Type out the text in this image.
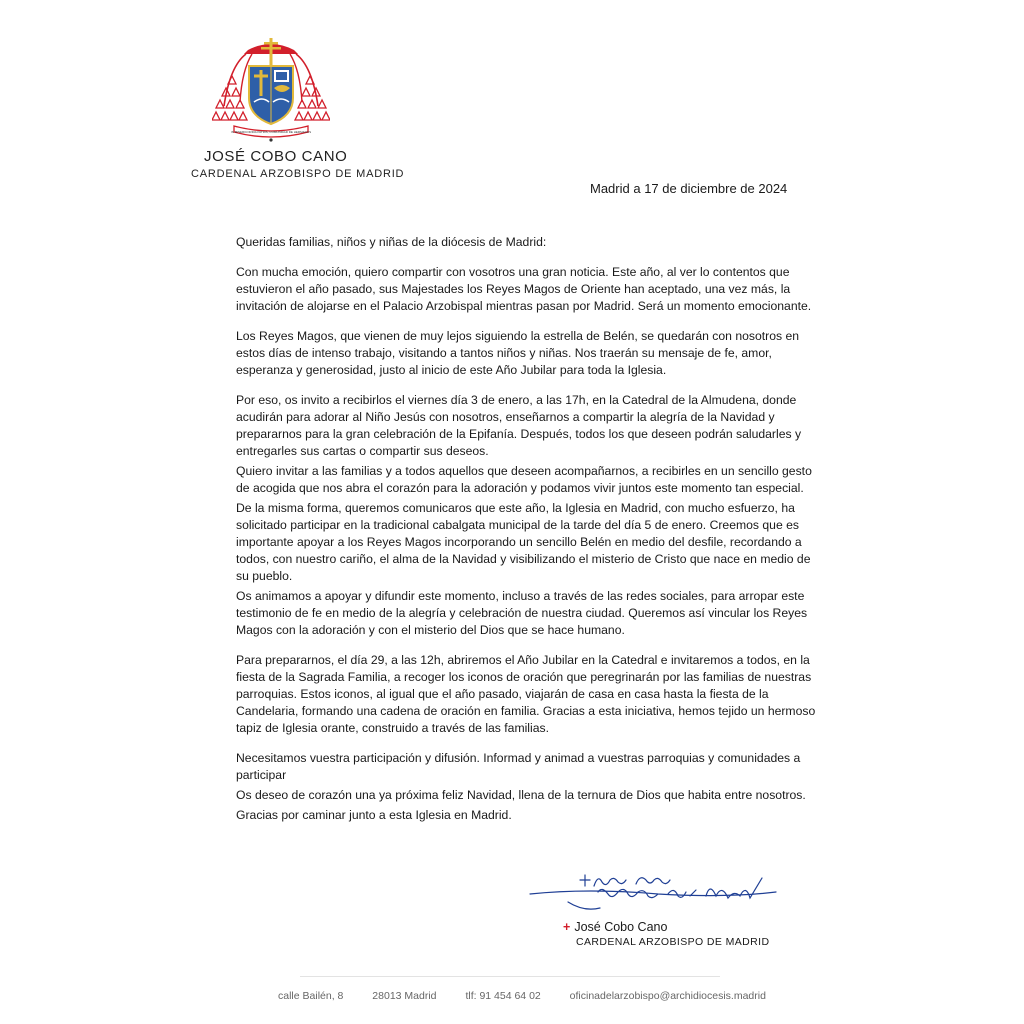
IN MISERICORDIA PATRIS, COMUNIDAD DE HERMANOS
JOSÉ COBO CANO
CARDENAL ARZOBISPO DE MADRID
Madrid a 17 de diciembre de 2024

Queridas familias, niños y niñas de la diócesis de Madrid:

Con mucha emoción, quiero compartir con vosotros una gran noticia. Este año, al ver lo contentos que estuvieron el año pasado, sus Majestades los Reyes Magos de Oriente han aceptado, una vez más, la invitación de alojarse en el Palacio Arzobispal mientras pasan por Madrid. Será un momento emocionante.

Los Reyes Magos, que vienen de muy lejos siguiendo la estrella de Belén, se quedarán con nosotros en estos días de intenso trabajo, visitando a tantos niños y niñas. Nos traerán su mensaje de fe, amor, esperanza y generosidad, justo al inicio de este Año Jubilar para toda la Iglesia.

Por eso, os invito a recibirlos el viernes día 3 de enero, a las 17h, en la Catedral de la Almudena, donde acudirán para adorar al Niño Jesús con nosotros, enseñarnos a compartir la alegría de la Navidad y prepararnos para la gran celebración de la Epifanía. Después, todos los que deseen podrán saludarles y entregarles sus cartas o compartir sus deseos.

Quiero invitar a las familias y a todos aquellos que deseen acompañarnos, a recibirles en un sencillo gesto de acogida que nos abra el corazón para la adoración y podamos vivir juntos este momento tan especial.

De la misma forma, queremos comunicaros que este año, la Iglesia en Madrid, con mucho esfuerzo, ha solicitado participar en la tradicional cabalgata municipal de la tarde del día 5 de enero. Creemos que es importante apoyar a los Reyes Magos incorporando un sencillo Belén en medio del desfile, recordando a todos, con nuestro cariño, el alma de la Navidad y visibilizando el misterio de Cristo que nace en medio de su pueblo.

Os animamos a apoyar y difundir este momento, incluso a través de las redes sociales, para arropar este testimonio de fe en medio de la alegría y celebración de nuestra ciudad. Queremos así vincular los Reyes Magos con la adoración y con el misterio del Dios que se hace humano.

Para prepararnos, el día 29, a las 12h, abriremos el Año Jubilar en la Catedral e invitaremos a todos, en la fiesta de la Sagrada Familia, a recoger los iconos de oración que peregrinarán por las familias de nuestras parroquias. Estos iconos, al igual que el año pasado, viajarán de casa en casa hasta la fiesta de la Candelaria, formando una cadena de oración en familia. Gracias a esta iniciativa, hemos tejido un hermoso tapiz de Iglesia orante, construido a través de las familias.

Necesitamos vuestra participación y difusión. Informad y animad a vuestras parroquias y comunidades a participar

Os deseo de corazón una ya próxima feliz Navidad, llena de la ternura de Dios que habita entre nosotros.

Gracias por caminar junto a esta Iglesia en Madrid.

+ José Cobo Cano
CARDENAL ARZOBISPO DE MADRID
calle Bailén, 8	28013 Madrid	tlf: 91 454 64 02	oficinadelarzobispo@archidiocesis.madrid
